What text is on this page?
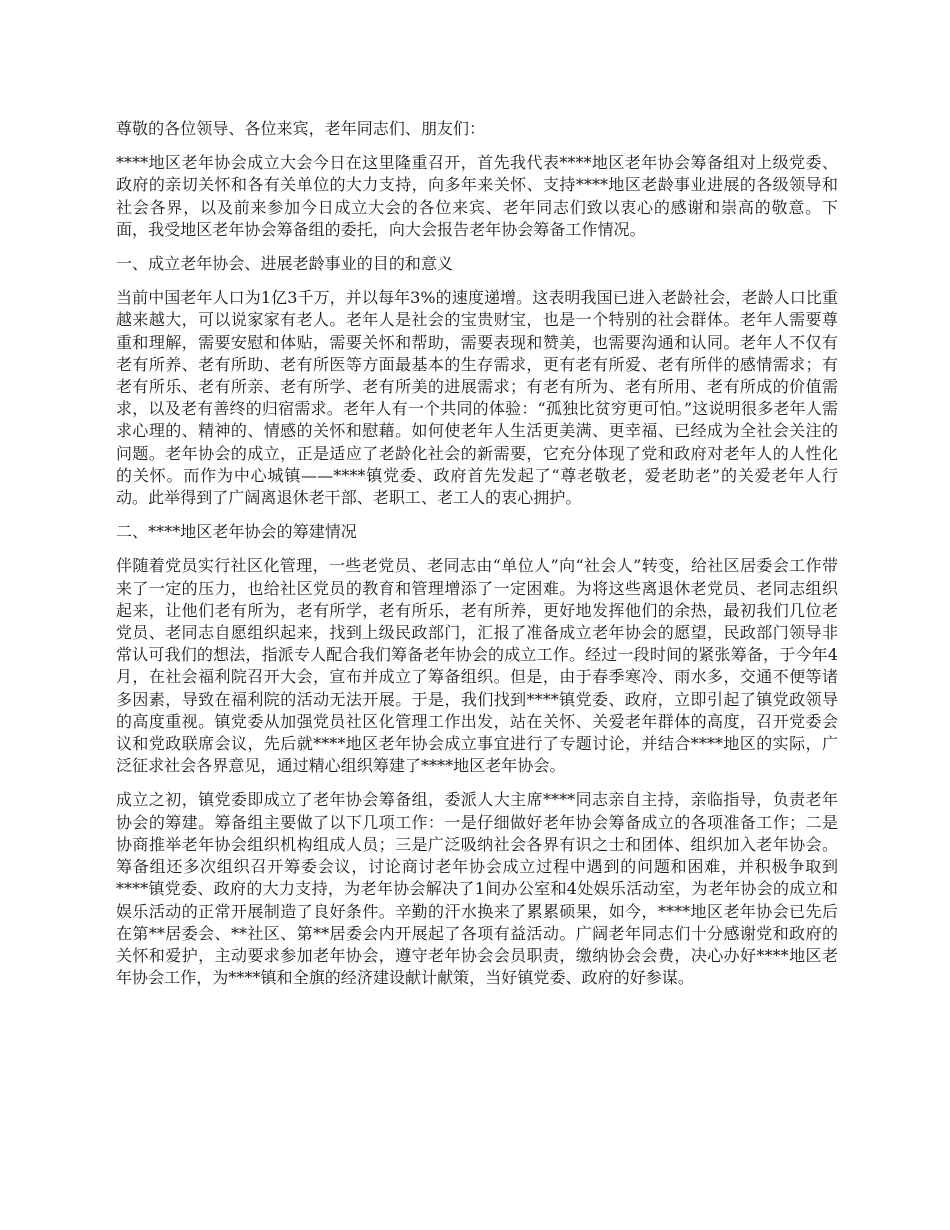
尊敬的各位领导、各位来宾，老年同志们、朋友们：

****地区老年协会成立大会今日在这里隆重召开，首先我代表****地区老年协会筹备组对上级党委、政府的亲切关怀和各有关单位的大力支持，向多年来关怀、支持****地区老龄事业进展的各级领导和社会各界，以及前来参加今日成立大会的各位来宾、老年同志们致以衷心的感谢和崇高的敬意。下面，我受地区老年协会筹备组的委托，向大会报告老年协会筹备工作情况。

一、成立老年协会、进展老龄事业的目的和意义

当前中国老年人口为1亿3千万，并以每年3%的速度递增。这表明我国已进入老龄社会，老龄人口比重越来越大，可以说家家有老人。老年人是社会的宝贵财宝，也是一个特别的社会群体。老年人需要尊重和理解，需要安慰和体贴，需要关怀和帮助，需要表现和赞美，也需要沟通和认同。老年人不仅有老有所养、老有所助、老有所医等方面最基本的生存需求，更有老有所爱、老有所伴的感情需求；有老有所乐、老有所亲、老有所学、老有所美的进展需求；有老有所为、老有所用、老有所成的价值需求，以及老有善终的归宿需求。老年人有一个共同的体验：“孤独比贫穷更可怕。”这说明很多老年人需求心理的、精神的、情感的关怀和慰藉。如何使老年人生活更美满、更幸福、已经成为全社会关注的问题。老年协会的成立，正是适应了老龄化社会的新需要，它充分体现了党和政府对老年人的人性化的关怀。而作为中心城镇——****镇党委、政府首先发起了“尊老敬老，爱老助老”的关爱老年人行动。此举得到了广阔离退休老干部、老职工、老工人的衷心拥护。

二、****地区老年协会的筹建情况

伴随着党员实行社区化管理，一些老党员、老同志由“单位人”向“社会人”转变，给社区居委会工作带来了一定的压力，也给社区党员的教育和管理增添了一定困难。为将这些离退休老党员、老同志组织起来，让他们老有所为，老有所学，老有所乐，老有所养，更好地发挥他们的余热，最初我们几位老党员、老同志自愿组织起来，找到上级民政部门，汇报了准备成立老年协会的愿望，民政部门领导非常认可我们的想法，指派专人配合我们筹备老年协会的成立工作。经过一段时间的紧张筹备，于今年4月，在社会福利院召开大会，宣布并成立了筹备组织。但是，由于春季寒冷、雨水多，交通不便等诸多因素，导致在福利院的活动无法开展。于是，我们找到****镇党委、政府，立即引起了镇党政领导的高度重视。镇党委从加强党员社区化管理工作出发，站在关怀、关爱老年群体的高度，召开党委会议和党政联席会议，先后就****地区老年协会成立事宜进行了专题讨论，并结合****地区的实际，广泛征求社会各界意见，通过精心组织筹建了****地区老年协会。

成立之初，镇党委即成立了老年协会筹备组，委派人大主席****同志亲自主持，亲临指导，负责老年协会的筹建。筹备组主要做了以下几项工作：一是仔细做好老年协会筹备成立的各项准备工作；二是协商推举老年协会组织机构组成人员；三是广泛吸纳社会各界有识之士和团体、组织加入老年协会。筹备组还多次组织召开筹委会议，讨论商讨老年协会成立过程中遇到的问题和困难，并积极争取到****镇党委、政府的大力支持，为老年协会解决了1间办公室和4处娱乐活动室，为老年协会的成立和娱乐活动的正常开展制造了良好条件。辛勤的汗水换来了累累硕果，如今，****地区老年协会已先后在第**居委会、**社区、第**居委会内开展起了各项有益活动。广阔老年同志们十分感谢党和政府的关怀和爱护，主动要求参加老年协会，遵守老年协会会员职责，缴纳协会会费，决心办好****地区老年协会工作，为****镇和全旗的经济建设献计献策，当好镇党委、政府的好参谋。
